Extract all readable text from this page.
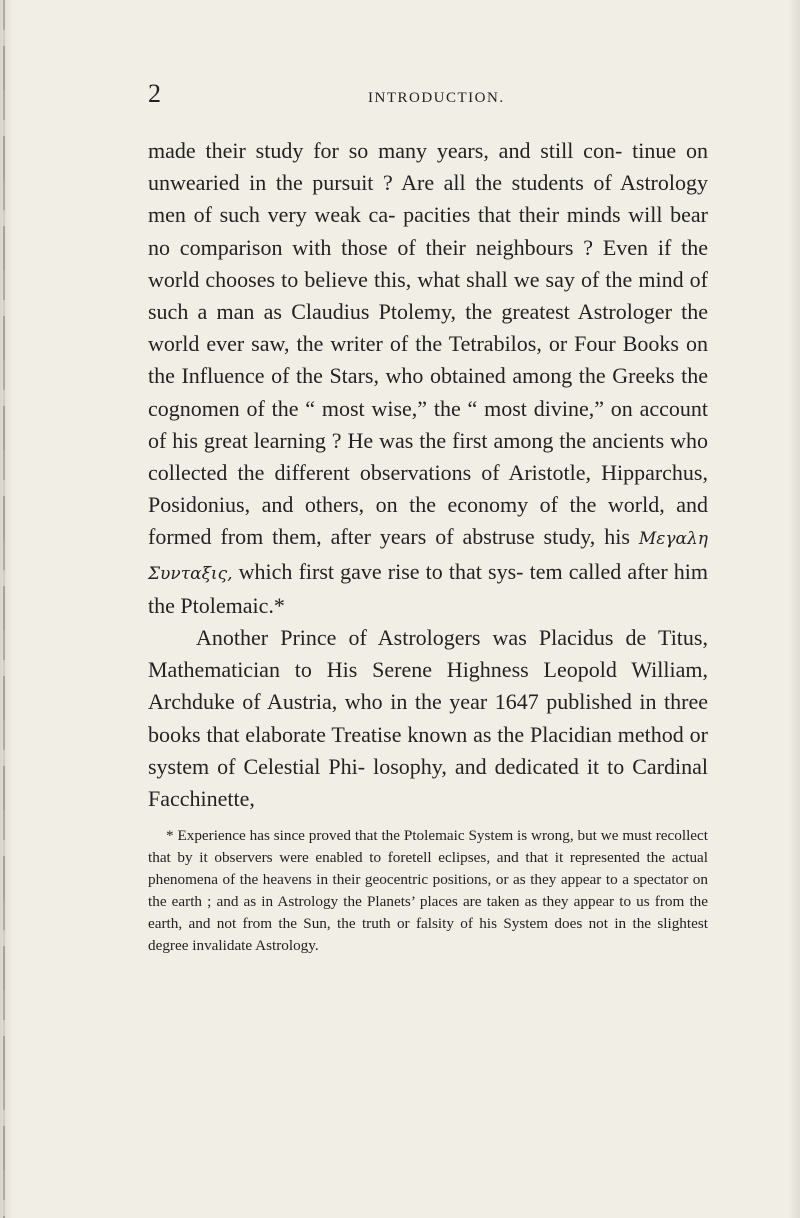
2	INTRODUCTION.

made their study for so many years, and still con- tinue on unwearied in the pursuit ? Are all the students of Astrology men of such very weak ca- pacities that their minds will bear no comparison with those of their neighbours ? Even if the world chooses to believe this, what shall we say of the mind of such a man as Claudius Ptolemy, the greatest Astrologer the world ever saw, the writer of the Tetrabilos, or Four Books on the Influence of the Stars, who obtained among the Greeks the cognomen of the “ most wise,” the “ most divine,” on account of his great learning ? He was the first among the ancients who collected the different observations of Aristotle, Hipparchus, Posidonius, and others, on the economy of the world, and formed from them, after years of abstruse study, his Μεγαλη Συνταξις, which first gave rise to that sys- tem called after him the Ptolemaic.*

Another Prince of Astrologers was Placidus de Titus, Mathematician to His Serene Highness Leopold William, Archduke of Austria, who in the year 1647 published in three books that elaborate Treatise known as the Placidian method or system of Celestial Phi- losophy, and dedicated it to Cardinal Facchinette,

* Experience has since proved that the Ptolemaic System is wrong, but we must recollect that by it observers were enabled to foretell eclipses, and that it represented the actual phenomena of the heavens in their geocentric positions, or as they appear to a spectator on the earth ; and as in Astrology the Planets’ places are taken as they appear to us from the earth, and not from the Sun, the truth or falsity of his System does not in the slightest degree invalidate Astrology.
